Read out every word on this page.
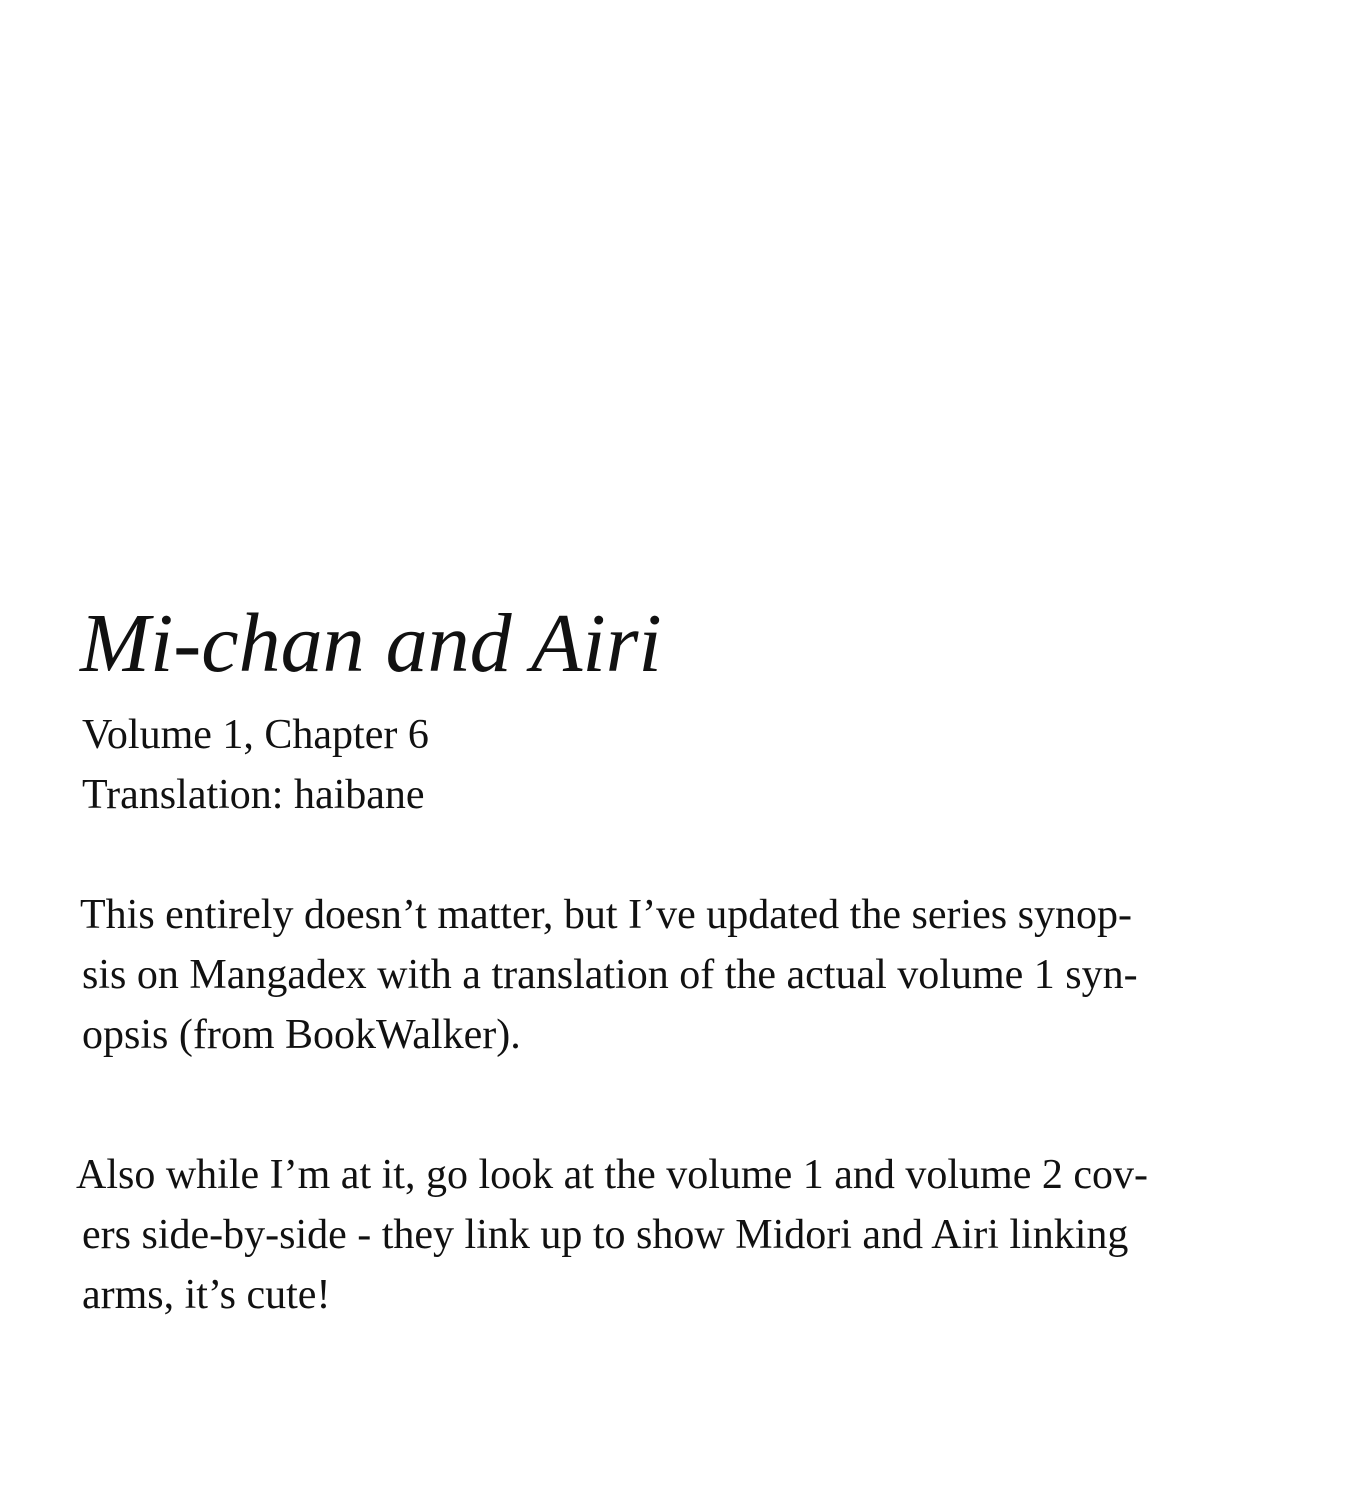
Mi-chan and Airi

Volume 1, Chapter 6

Translation: haibane

This entirely doesn’t matter, but I’ve updated the series synop-

sis on Mangadex with a translation of the actual volume 1 syn-

opsis (from BookWalker).

Also while I’m at it, go look at the volume 1 and volume 2 cov-

ers side-by-side - they link up to show Midori and Airi linking

arms, it’s cute!
